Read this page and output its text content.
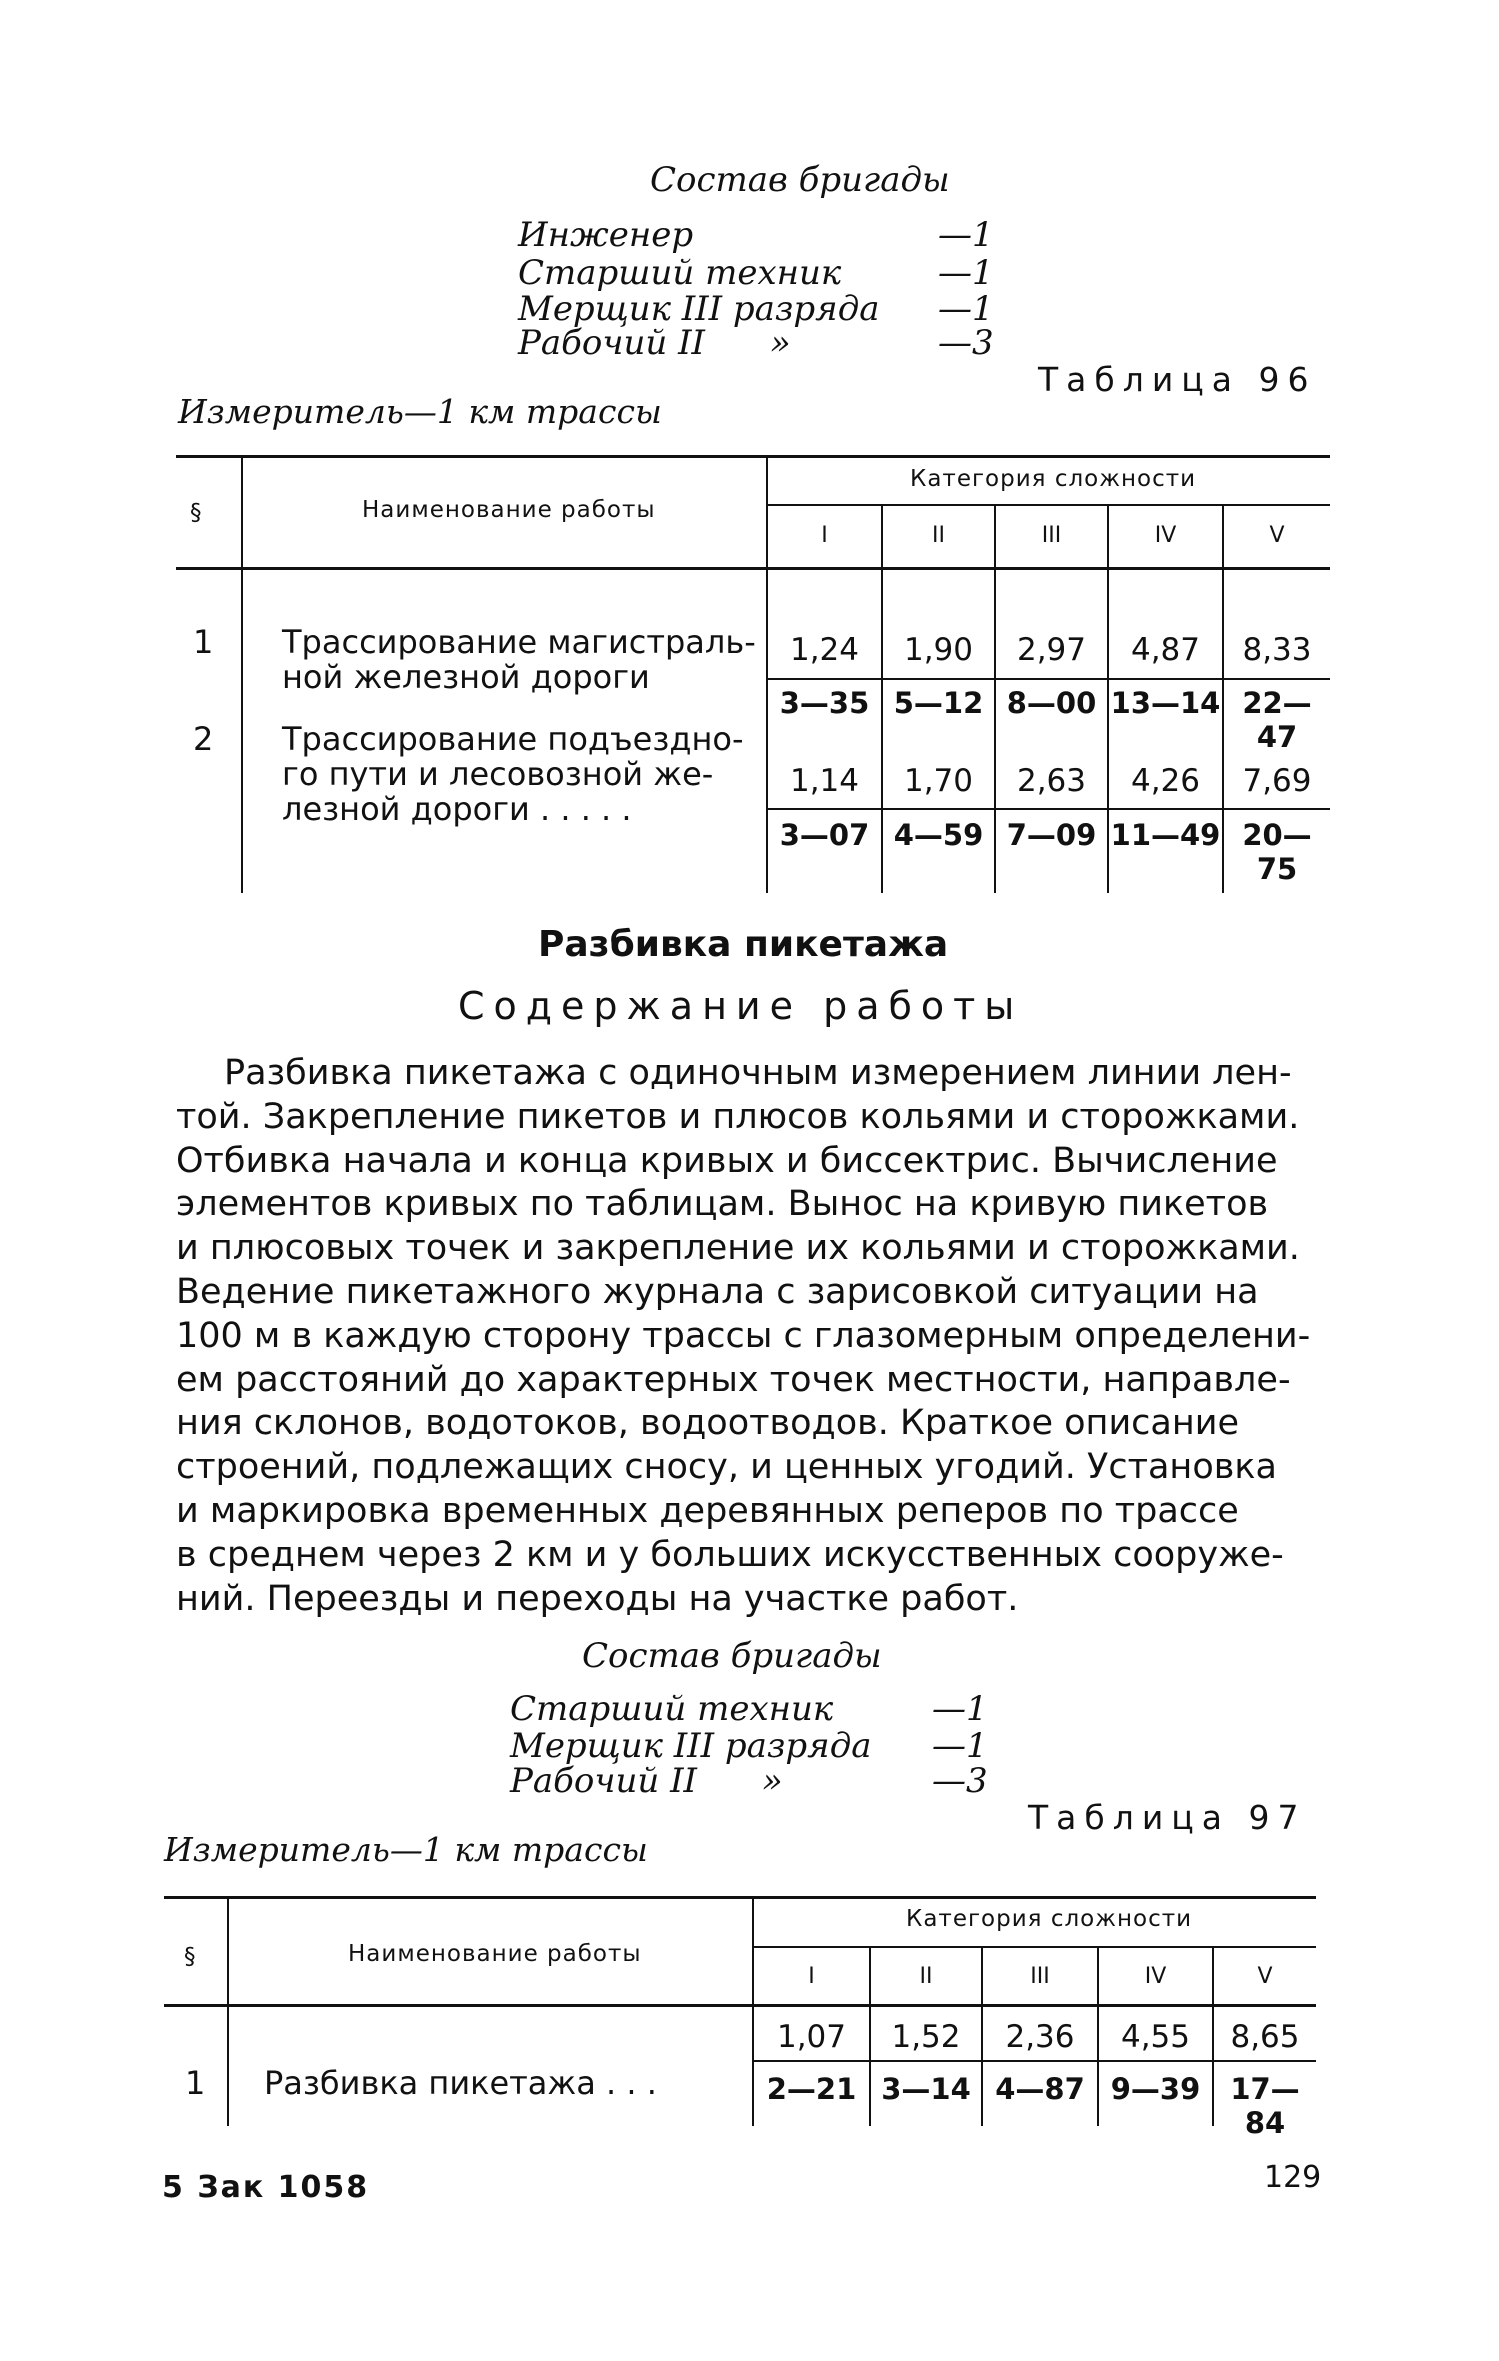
Состав бригады
Инженер	—1
Старший техник	—1
Мерщик III разряда —1
Рабочий II      »	—3
Таблица 96
Измеритель—1 км трассы
§	Наименование работы
Категория сложности
I	II	III	IV	V
1 Трассирование магистраль-
ной железной дороги
1,24	1,90	2,97	4,87	8,33
3—35 5—12 8—00 13—14 22—47
2 Трассирование подъездно-
го пути и лесовозной же-
лезной дороги . . . . .
1,14	1,70	2,63	4,26	7,69
3—07 4—59 7—09 11—49 20—75
Разбивка пикетажа
Содержание работы
Разбивка пикетажа с одиночным измерением линии лен-
той. Закрепление пикетов и плюсов кольями и сторожками.
Отбивка начала и конца кривых и биссектрис. Вычисление
элементов кривых по таблицам. Вынос на кривую пикетов
и плюсовых точек и закрепление их кольями и сторожками.
Ведение пикетажного журнала с зарисовкой ситуации на
100 м в каждую сторону трассы с глазомерным определени-
ем расстояний до характерных точек местности, направле-
ния склонов, водотоков, водоотводов. Краткое описание
строений, подлежащих сносу, и ценных угодий. Установка
и маркировка временных деревянных реперов по трассе
в среднем через 2 км и у больших искусственных сооруже-
ний. Переезды и переходы на участке работ.
Состав бригады
Старший техник	—1
Мерщик III разряда —1
Рабочий II      »	—3
Таблица 97
Измеритель—1 км трассы
§	Наименование работы
Категория сложности
I	II	III	IV	V
1 Разбивка пикетажа . . .
1,07	1,52	2,36	4,55	8,65
2—21 3—14 4—87 9—39	17—84
5 Зак 1058	129
